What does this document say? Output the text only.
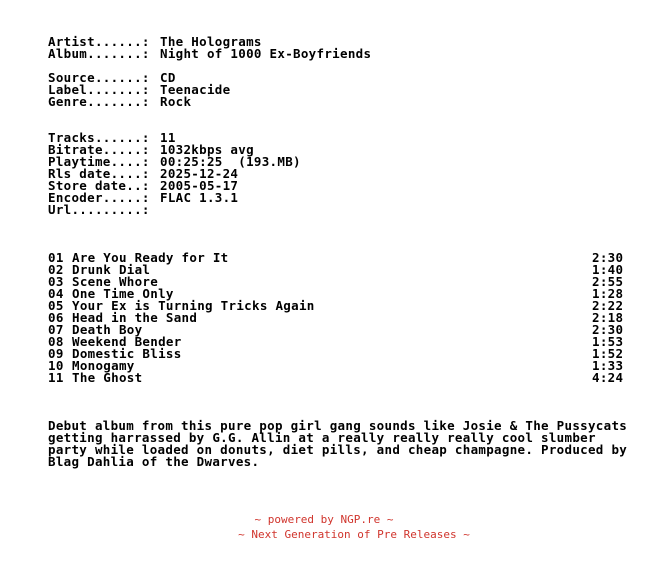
Artist......: The Holograms
Album.......: Night of 1000 Ex-Boyfriends
Source......: CD
Label.......: Teenacide
Genre.......: Rock
Tracks......: 11
Bitrate.....: 1032kbps avg
Playtime....: 00:25:25  (193.MB)
Rls date....: 2025-12-24
Store date..: 2005-05-17
Encoder.....: FLAC 1.3.1
Url.........:
01 Are You Ready for It	2:30
02 Drunk Dial	1:40
03 Scene Whore	2:55
04 One Time Only	1:28
05 Your Ex is Turning Tricks Again	2:22
06 Head in the Sand	2:18
07 Death Boy	2:30
08 Weekend Bender	1:53
09 Domestic Bliss	1:52
10 Monogamy	1:33
11 The Ghost	4:24
Debut album from this pure pop girl gang sounds like Josie & The Pussycats
getting harrassed by G.G. Allin at a really really really cool slumber
party while loaded on donuts, diet pills, and cheap champagne. Produced by
Blag Dahlia of the Dwarves.
~ powered by NGP.re ~
~ Next Generation of Pre Releases ~
